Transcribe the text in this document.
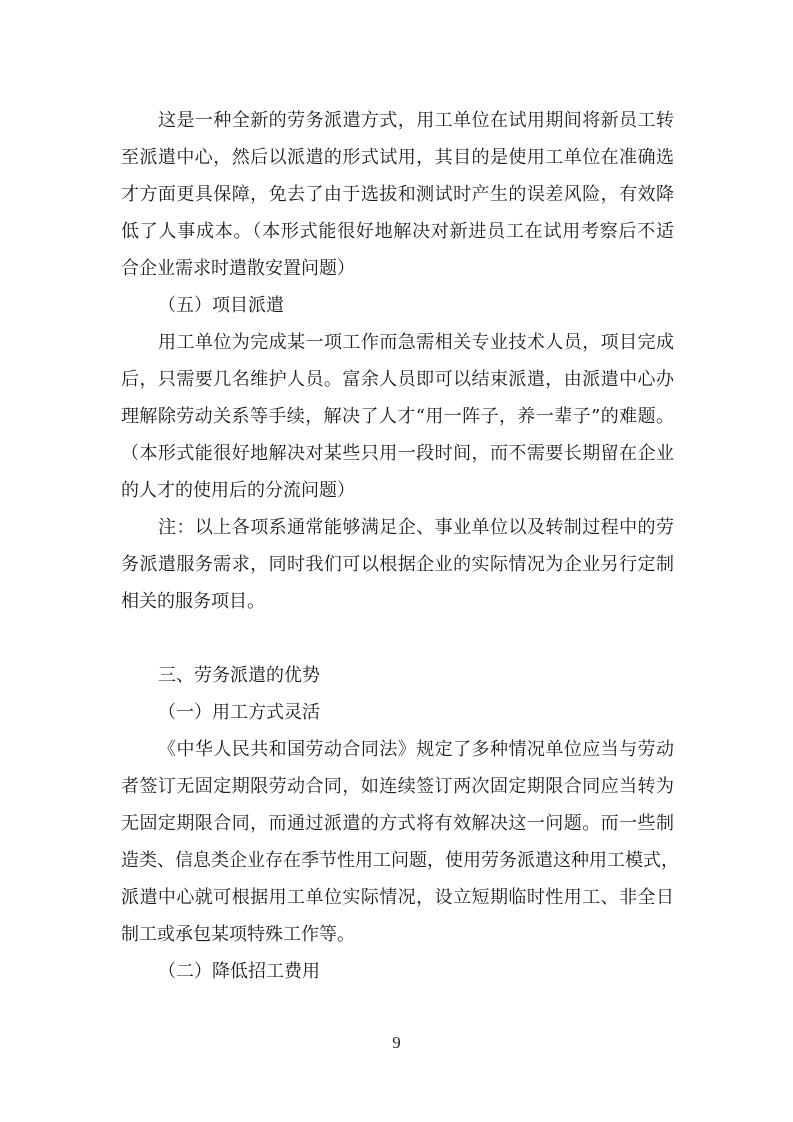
这是一种全新的劳务派遣方式，用工单位在试用期间将新员工转
至派遣中心，然后以派遣的形式试用，其目的是使用工单位在准确选
才方面更具保障，免去了由于选拔和测试时产生的误差风险，有效降
低了人事成本。（本形式能很好地解决对新进员工在试用考察后不适
合企业需求时遣散安置问题）
（五）项目派遣
用工单位为完成某一项工作而急需相关专业技术人员，项目完成
后，只需要几名维护人员。富余人员即可以结束派遣，由派遣中心办
理解除劳动关系等手续，解决了人才“用一阵子，养一辈子”的难题。
（本形式能很好地解决对某些只用一段时间，而不需要长期留在企业
的人才的使用后的分流问题）
注：以上各项系通常能够满足企、事业单位以及转制过程中的劳
务派遣服务需求，同时我们可以根据企业的实际情况为企业另行定制
相关的服务项目。
三、劳务派遣的优势
（一）用工方式灵活
《中华人民共和国劳动合同法》规定了多种情况单位应当与劳动
者签订无固定期限劳动合同，如连续签订两次固定期限合同应当转为
无固定期限合同，而通过派遣的方式将有效解决这一问题。而一些制
造类、信息类企业存在季节性用工问题，使用劳务派遣这种用工模式，
派遣中心就可根据用工单位实际情况，设立短期临时性用工、非全日
制工或承包某项特殊工作等。
（二）降低招工费用
9
